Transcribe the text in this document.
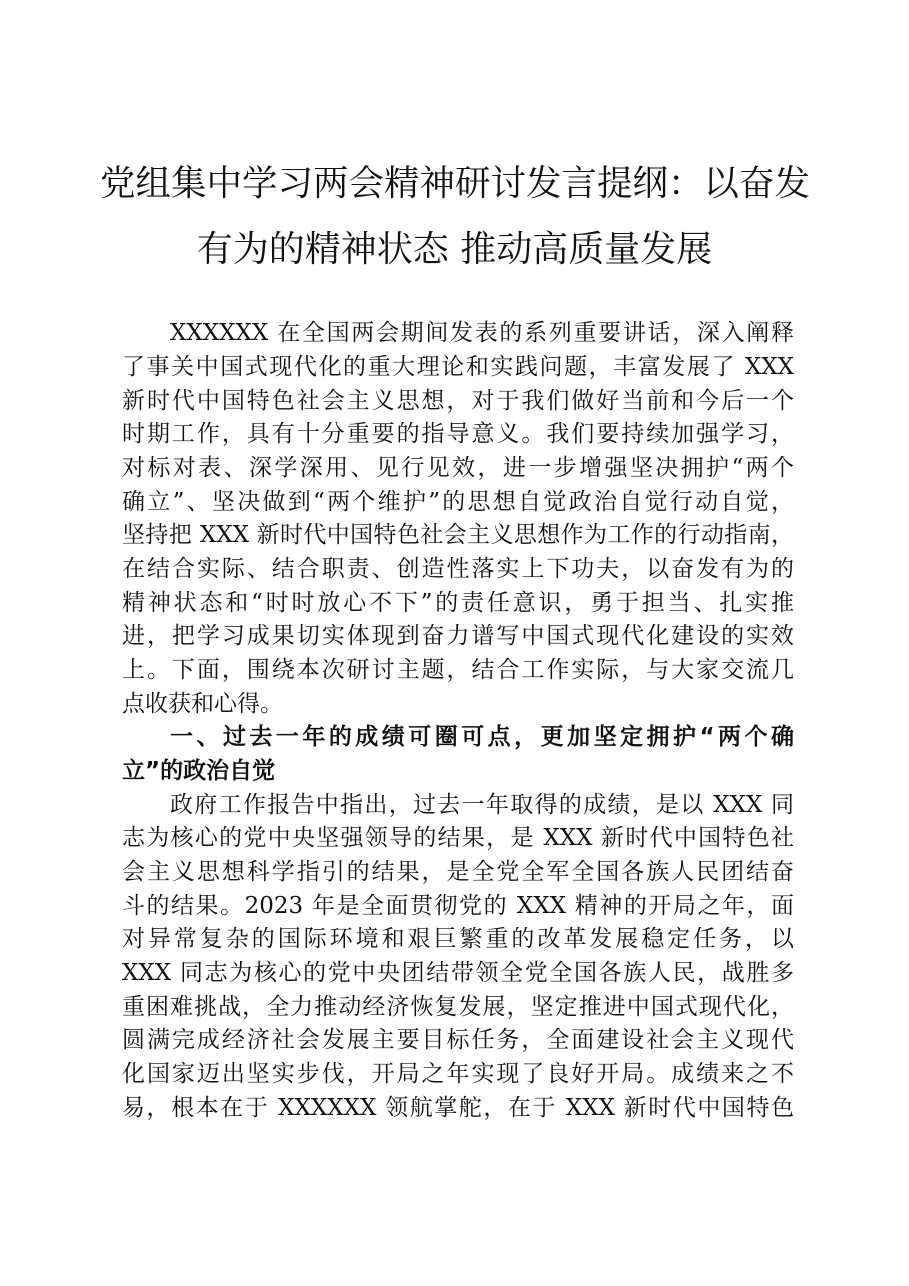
党组集中学习两会精神研讨发言提纲：以奋发
有为的精神状态 推动高质量发展
XXXXXX 在全国两会期间发表的系列重要讲话，深入阐释
了事关中国式现代化的重大理论和实践问题，丰富发展了 XXX
新时代中国特色社会主义思想，对于我们做好当前和今后一个
时期工作，具有十分重要的指导意义。我们要持续加强学习，
对标对表、深学深用、见行见效，进一步增强坚决拥护“两个
确立”、坚决做到“两个维护”的思想自觉政治自觉行动自觉，
坚持把 XXX 新时代中国特色社会主义思想作为工作的行动指南，
在结合实际、结合职责、创造性落实上下功夫，以奋发有为的
精神状态和“时时放心不下”的责任意识，勇于担当、扎实推
进，把学习成果切实体现到奋力谱写中国式现代化建设的实效
上。下面，围绕本次研讨主题，结合工作实际，与大家交流几
点收获和心得。
一、过去一年的成绩可圈可点，更加坚定拥护“两个确
立”的政治自觉
政府工作报告中指出，过去一年取得的成绩，是以 XXX 同
志为核心的党中央坚强领导的结果，是 XXX 新时代中国特色社
会主义思想科学指引的结果，是全党全军全国各族人民团结奋
斗的结果。2023 年是全面贯彻党的 XXX 精神的开局之年，面
对异常复杂的国际环境和艰巨繁重的改革发展稳定任务，以
XXX 同志为核心的党中央团结带领全党全国各族人民，战胜多
重困难挑战，全力推动经济恢复发展，坚定推进中国式现代化，
圆满完成经济社会发展主要目标任务，全面建设社会主义现代
化国家迈出坚实步伐，开局之年实现了良好开局。成绩来之不
易，根本在于 XXXXXX 领航掌舵，在于 XXX 新时代中国特色
